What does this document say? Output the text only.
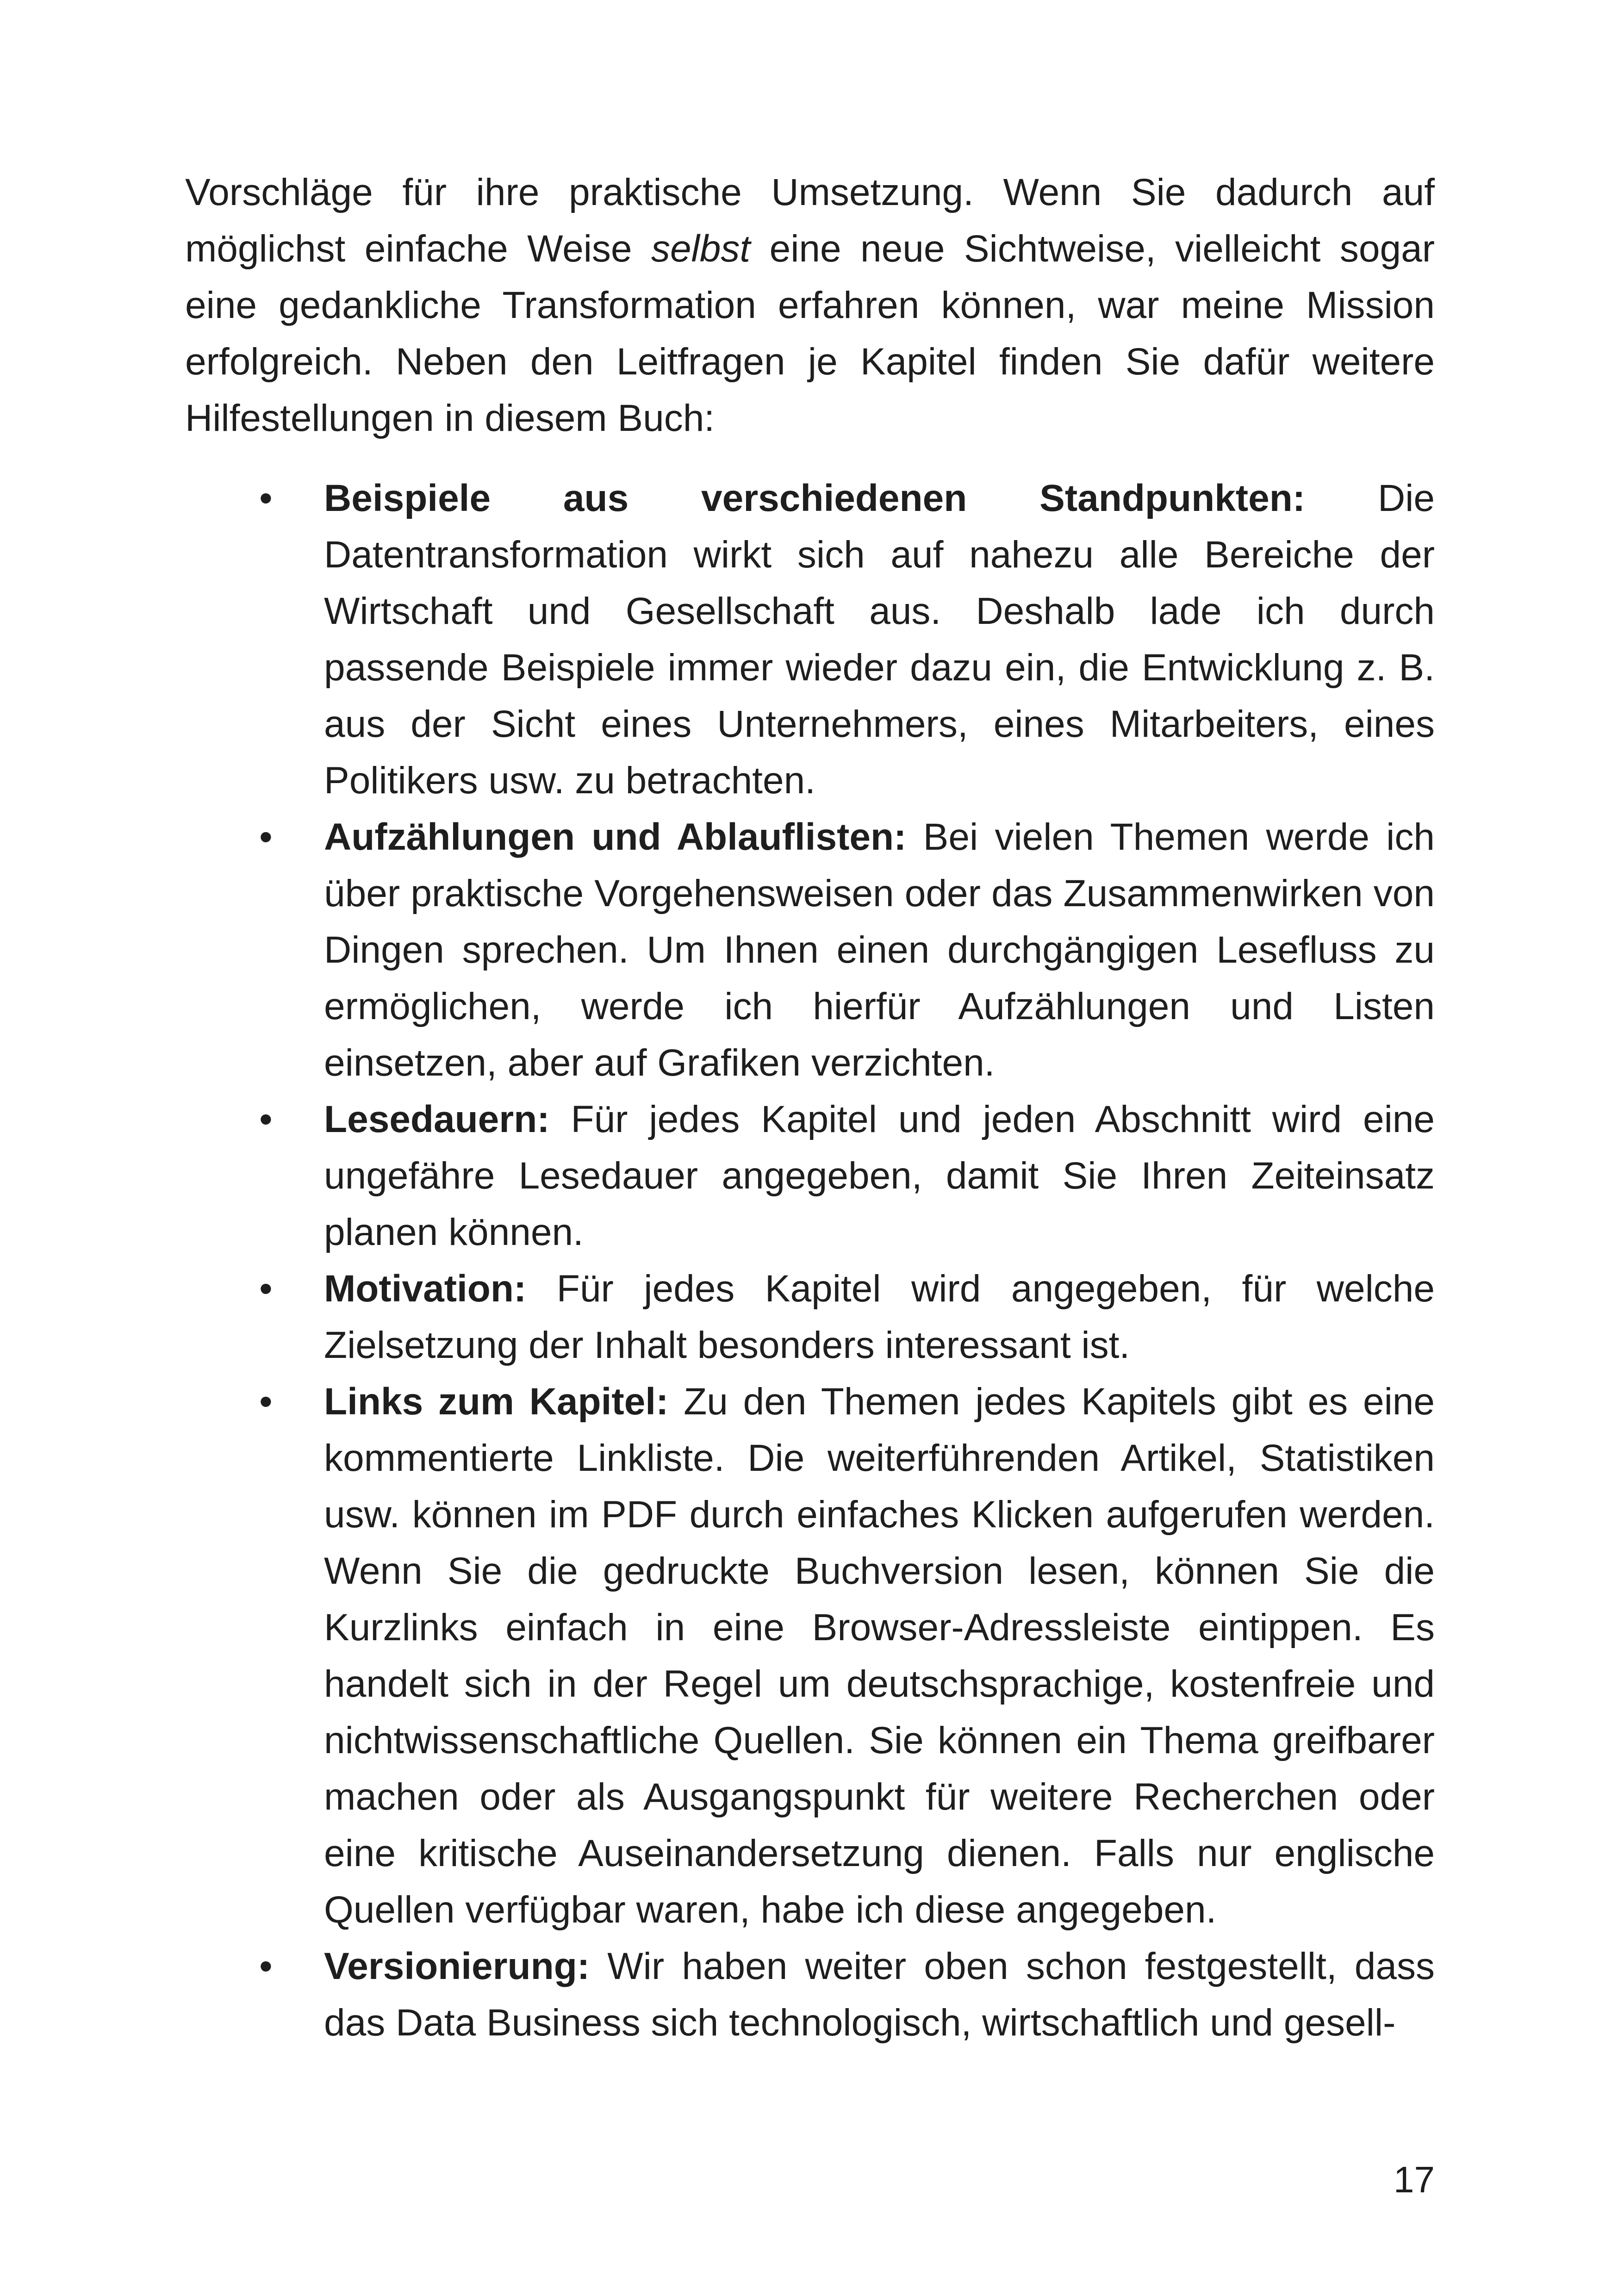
Vorschläge für ihre praktische Umsetzung. Wenn Sie dadurch auf möglichst einfache Weise selbst eine neue Sichtweise, vielleicht sogar eine gedankliche Transformation erfahren können, war meine Mission erfolgreich. Neben den Leitfragen je Kapitel finden Sie dafür weitere Hilfestellungen in diesem Buch:

• Beispiele aus verschiedenen Standpunkten: Die Datentransformation wirkt sich auf nahezu alle Bereiche der Wirtschaft und Gesellschaft aus. Deshalb lade ich durch passende Beispiele immer wieder dazu ein, die Entwicklung z. B. aus der Sicht eines Unternehmers, eines Mitarbeiters, eines Politikers usw. zu betrachten.
• Aufzählungen und Ablauflisten: Bei vielen Themen werde ich über praktische Vorgehensweisen oder das Zusammenwirken von Dingen sprechen. Um Ihnen einen durchgängigen Lesefluss zu ermöglichen, werde ich hierfür Aufzählungen und Listen einsetzen, aber auf Grafiken verzichten.
• Lesedauern: Für jedes Kapitel und jeden Abschnitt wird eine ungefähre Lesedauer angegeben, damit Sie Ihren Zeiteinsatz planen können.
• Motivation: Für jedes Kapitel wird angegeben, für welche Zielsetzung der Inhalt besonders interessant ist.
• Links zum Kapitel: Zu den Themen jedes Kapitels gibt es eine kommentierte Linkliste. Die weiterführenden Artikel, Statistiken usw. können im PDF durch einfaches Klicken aufgerufen werden. Wenn Sie die gedruckte Buchversion lesen, können Sie die Kurzlinks einfach in eine Browser-Adressleiste eintippen. Es handelt sich in der Regel um deutschsprachige, kostenfreie und nichtwissenschaftliche Quellen. Sie können ein Thema greifbarer machen oder als Ausgangspunkt für weitere Recherchen oder eine kritische Auseinandersetzung dienen. Falls nur englische Quellen verfügbar waren, habe ich diese angegeben.
• Versionierung: Wir haben weiter oben schon festgestellt, dass das Data Business sich technologisch, wirtschaftlich und gesell-
17
